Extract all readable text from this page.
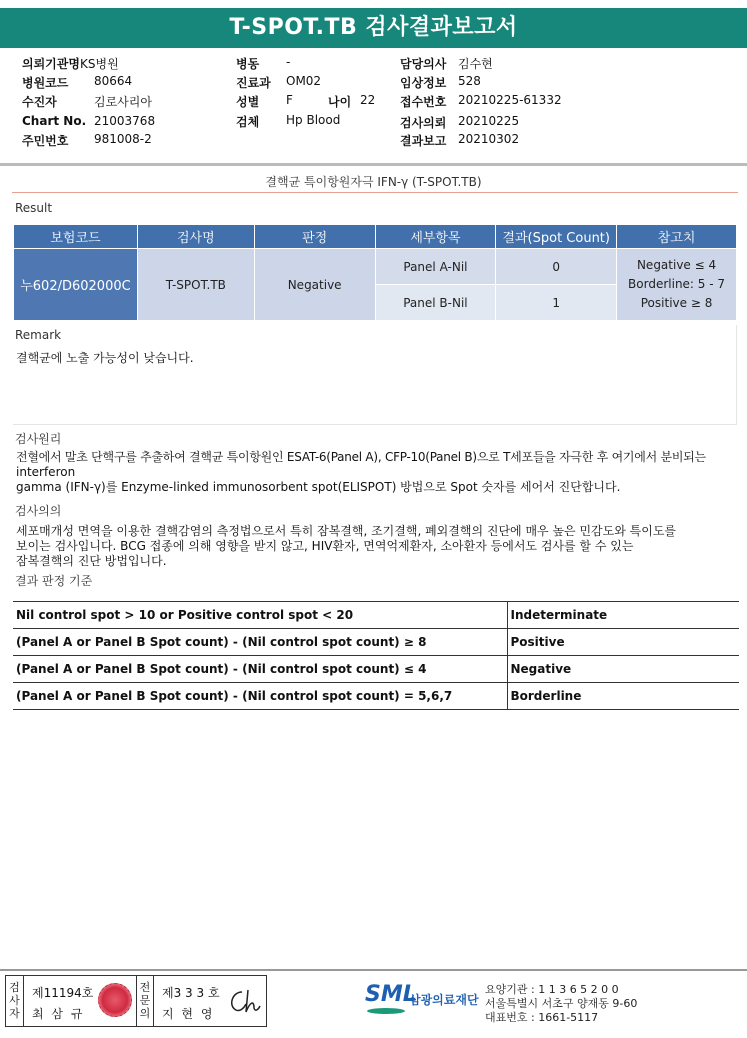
T-SPOT.TB 검사결과보고서
의뢰기관명 KS병원
병원코드 80664
수진자	김로사리아
Chart No. 21003768
주민번호 981008-2
병동 -
진료과 OM02
성별 F	나이 22
검체 Hp Blood
담당의사 김수현
임상정보 528
접수번호 20210225-61332
검사의뢰 20210225
결과보고 20210302
결핵균 특이항원자극 IFN-γ (T-SPOT.TB)
Result
보험코드	검사명	판정	세부항목	결과(Spot Count)	참고치
누602/D602000C	T-SPOT.TB	Negative	Panel A-Nil	0	Negative ≤ 4
Borderline: 5 - 7
Positive ≥ 8

			Panel B-Nil	1	
Remark
결핵균에 노출 가능성이 낮습니다.
검사원리
전혈에서 말초 단핵구를 추출하여 결핵균 특이항원인 ESAT-6(Panel A), CFP-10(Panel B)으로 T세포들을 자극한 후 여기에서 분비되는
interferon
gamma (IFN-γ)를 Enzyme-linked immunosorbent spot(ELISPOT) 방법으로 Spot 숫자를 세어서 진단합니다.
검사의의
세포매개성 면역을 이용한 결핵감염의 측정법으로서 특히 잠복결핵, 조기결핵, 폐외결핵의 진단에 매우 높은 민감도와 특이도를
보이는 검사입니다. BCG 접종에 의해 영향을 받지 않고, HIV환자, 면역억제환자, 소아환자 등에서도 검사를 할 수 있는
잠복결핵의 진단 방법입니다.
결과 판정 기준
Nil control spot > 10 or Positive control spot < 20	Indeterminate
(Panel A or Panel B Spot count) - (Nil control spot count) ≥ 8	Positive
(Panel A or Panel B Spot count) - (Nil control spot count) ≤ 4	Negative
(Panel A or Panel B Spot count) - (Nil control spot count) = 5,6,7	Borderline
검
사
자
제11194호
최 삼 규
전
문
의
제3 3 3 호
지 현 영
SML
삼광의료재단
요양기관 : 1 1 3 6 5 2 0 0
서울특별시 서초구 양재동 9-60
대표번호 : 1661-5117
